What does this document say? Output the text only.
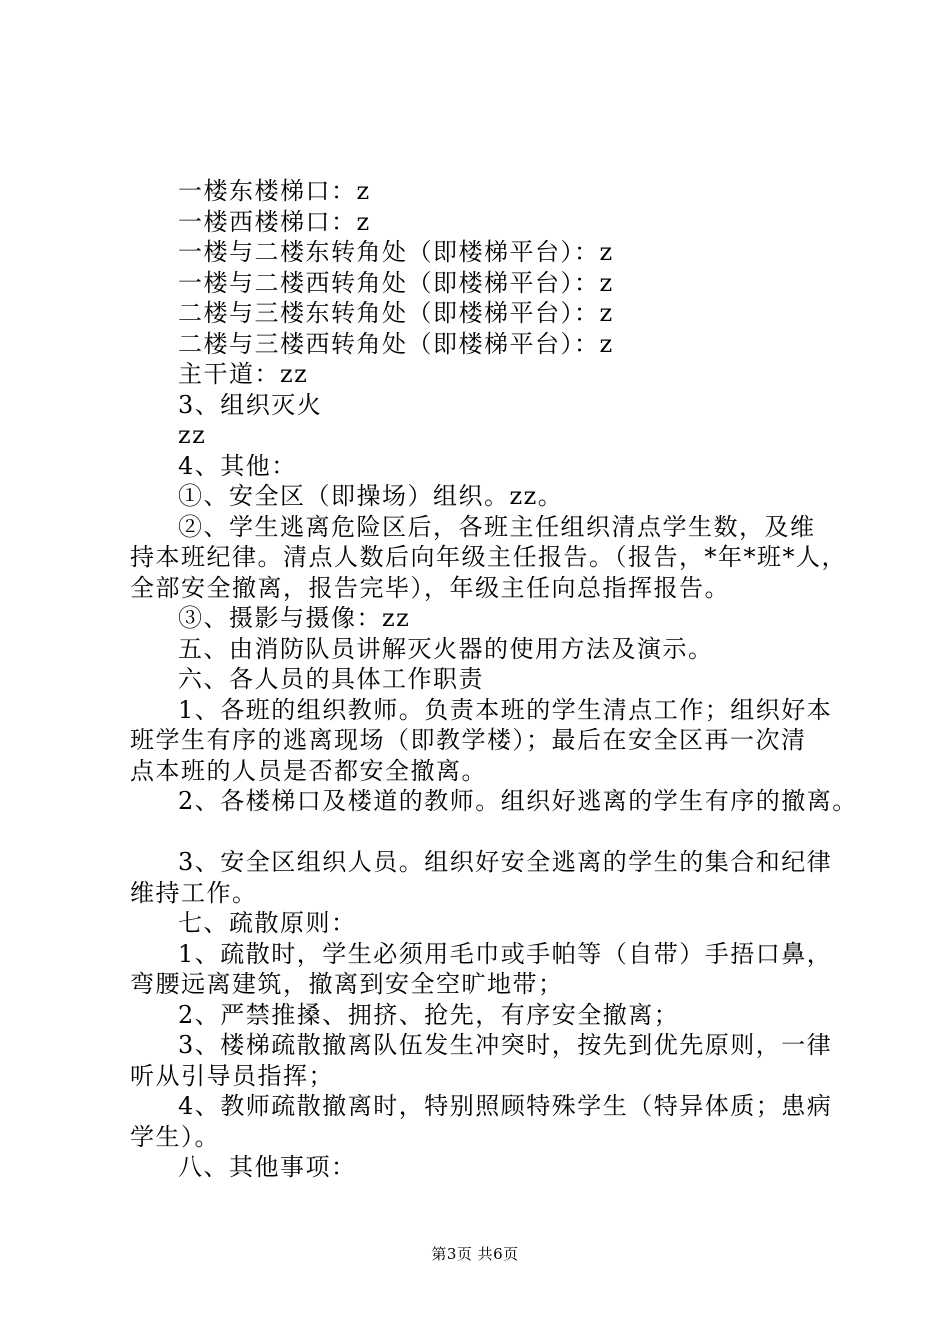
一楼东楼梯口：z
一楼西楼梯口：z
一楼与二楼东转角处（即楼梯平台）：z
一楼与二楼西转角处（即楼梯平台）：z
二楼与三楼东转角处（即楼梯平台）：z
二楼与三楼西转角处（即楼梯平台）：z
主干道：zz
3、组织灭火
zz
4、其他：
①、安全区（即操场）组织。zz。
②、学生逃离危险区后，各班主任组织清点学生数，及维
持本班纪律。清点人数后向年级主任报告。（报告，*年*班*人，
全部安全撤离，报告完毕），年级主任向总指挥报告。
③、摄影与摄像：zz
五、由消防队员讲解灭火器的使用方法及演示。
六、各人员的具体工作职责
1、各班的组织教师。负责本班的学生清点工作；组织好本
班学生有序的逃离现场（即教学楼）；最后在安全区再一次清
点本班的人员是否都安全撤离。
2、各楼梯口及楼道的教师。组织好逃离的学生有序的撤离。
3、安全区组织人员。组织好安全逃离的学生的集合和纪律
维持工作。
七、疏散原则：
1、疏散时，学生必须用毛巾或手帕等（自带）手捂口鼻，
弯腰远离建筑，撤离到安全空旷地带；
2、严禁推搡、拥挤、抢先，有序安全撤离；
3、楼梯疏散撤离队伍发生冲突时，按先到优先原则，一律
听从引导员指挥；
4、教师疏散撤离时，特别照顾特殊学生（特异体质；患病
学生）。
八、其他事项：
第3页 共6页
